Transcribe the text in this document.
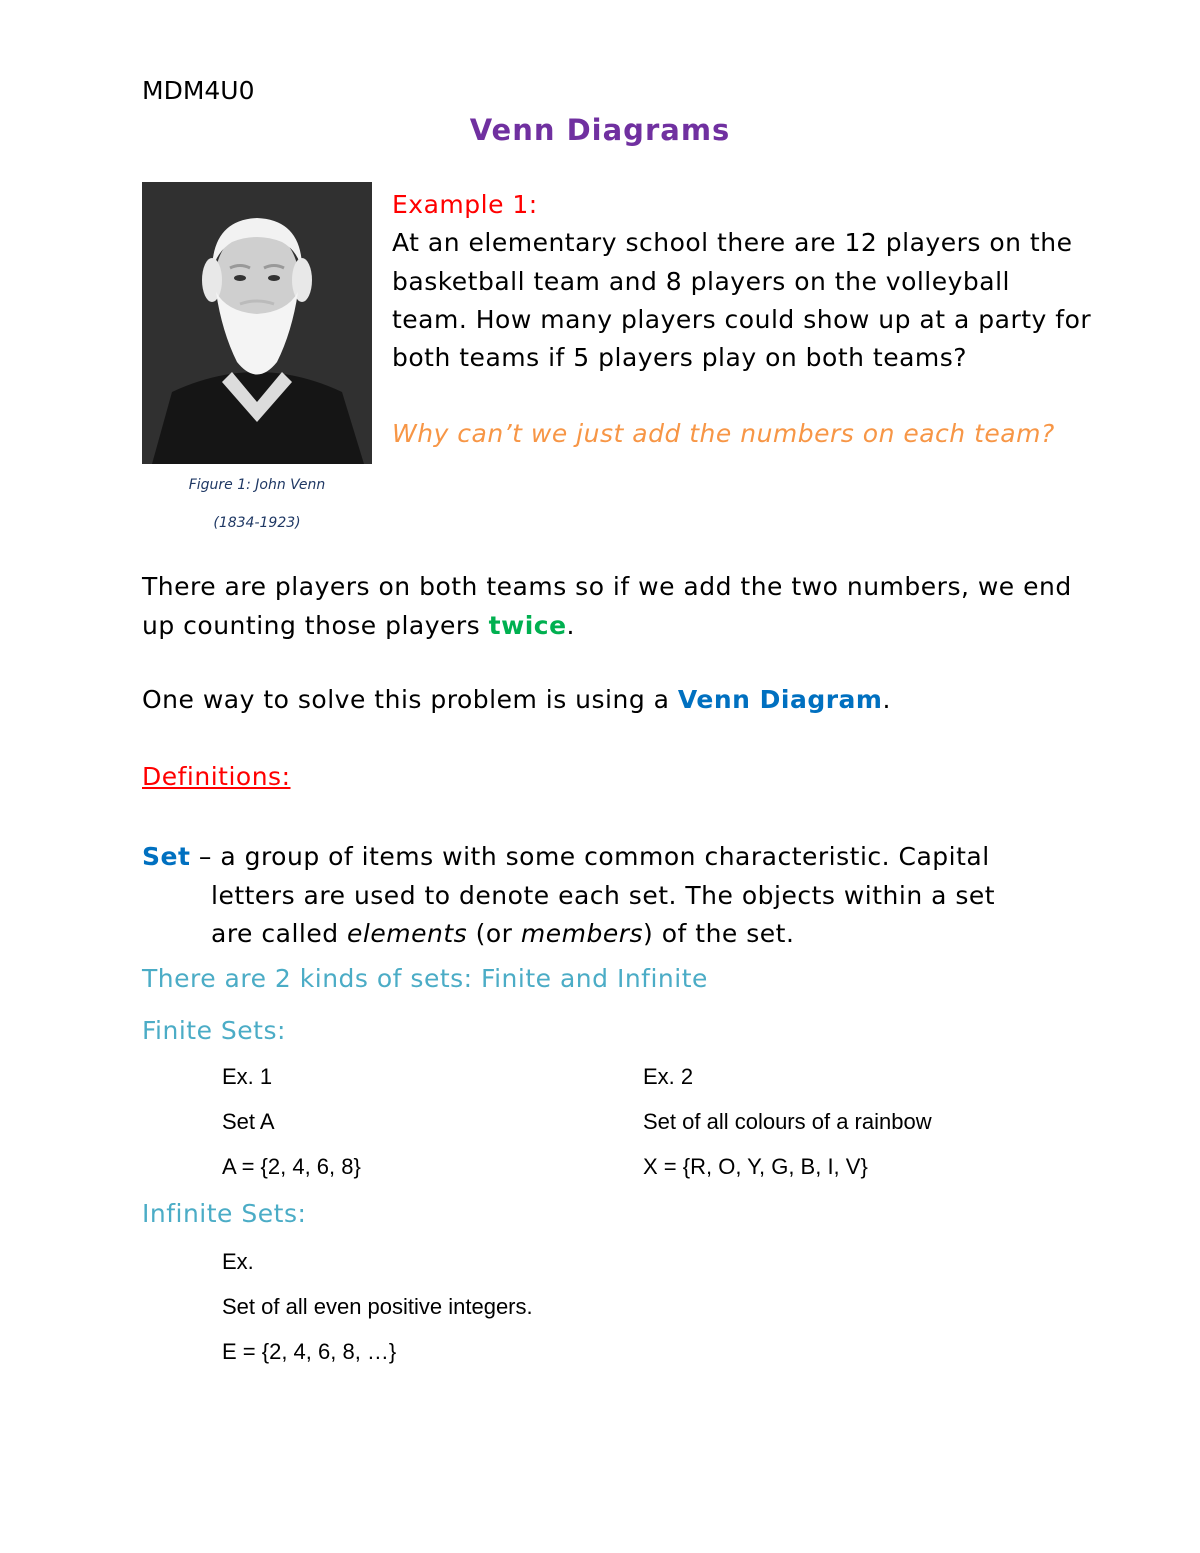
MDM4U0
Venn Diagrams
Figure 1: John Venn
(1834-1923)

Example 1:

At an elementary school there are 12 players on the basketball team and 8 players on the volleyball team. How many players could show up at a party for both teams if 5 players play on both teams?

Why can’t we just add the numbers on each team?

There are players on both teams so if we add the two numbers, we end up counting those players twice.

One way to solve this problem is using a Venn Diagram.

Definitions:

Set – a group of items with some common characteristic. Capital
letters are used to denote each set. The objects within a set
are called elements (or members) of the set.

There are 2 kinds of sets: Finite and Infinite
Finite Sets:
Ex. 1
Set A
A = {2, 4, 6, 8}
Ex. 2
Set of all colours of a rainbow
X = {R, O, Y, G, B, I, V}
Infinite Sets:
Ex.
Set of all even positive integers.
E = {2, 4, 6, 8, …}
